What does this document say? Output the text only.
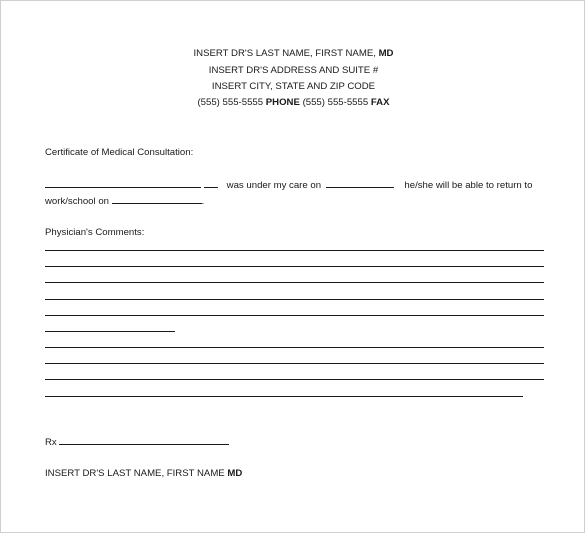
INSERT DR'S LAST NAME, FIRST NAME, MD
INSERT DR'S ADDRESS AND SUITE #
INSERT CITY, STATE AND ZIP CODE
(555) 555-5555 PHONE (555) 555-5555 FAX
Certificate of Medical Consultation:
was under my care on	he/she will be able to return to
work/school on	.
Physician's Comments:
Rx
INSERT DR'S LAST NAME, FIRST NAME MD
